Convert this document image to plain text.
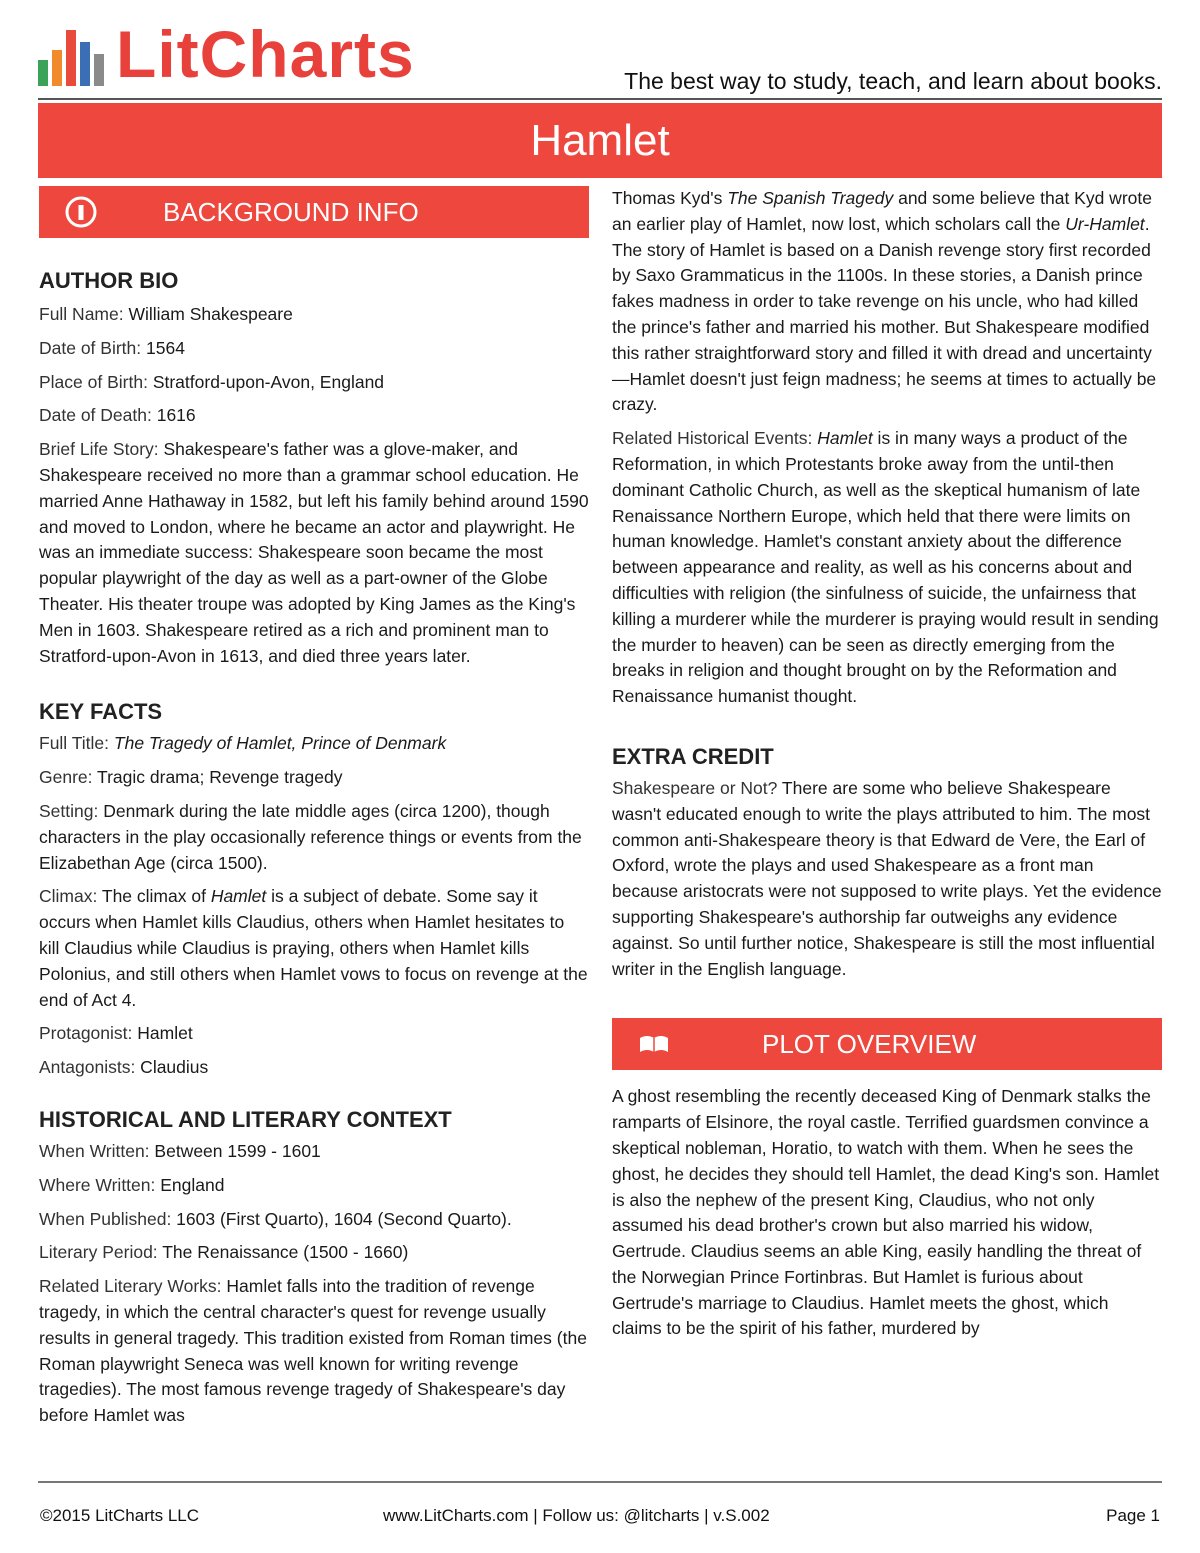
LitCharts	The best way to study, teach, and learn about books.
Hamlet
BACKGROUND INFO
AUTHOR BIO

Full Name: William Shakespeare

Date of Birth: 1564

Place of Birth: Stratford-upon-Avon, England

Date of Death: 1616

Brief Life Story: Shakespeare's father was a glove-maker, and Shakespeare received no more than a grammar school education. He married Anne Hathaway in 1582, but left his family behind around 1590 and moved to London, where he became an actor and playwright. He was an immediate success: Shakespeare soon became the most popular playwright of the day as well as a part-owner of the Globe Theater. His theater troupe was adopted by King James as the King's Men in 1603. Shakespeare retired as a rich and prominent man to Stratford-upon-Avon in 1613, and died three years later.

KEY FACTS

Full Title: The Tragedy of Hamlet, Prince of Denmark

Genre: Tragic drama; Revenge tragedy

Setting: Denmark during the late middle ages (circa 1200), though characters in the play occasionally reference things or events from the Elizabethan Age (circa 1500).

Climax: The climax of Hamlet is a subject of debate. Some say it occurs when Hamlet kills Claudius, others when Hamlet hesitates to kill Claudius while Claudius is praying, others when Hamlet kills Polonius, and still others when Hamlet vows to focus on revenge at the end of Act 4.

Protagonist: Hamlet

Antagonists: Claudius

HISTORICAL AND LITERARY CONTEXT

When Written: Between 1599 - 1601

Where Written: England

When Published: 1603 (First Quarto), 1604 (Second Quarto).

Literary Period: The Renaissance (1500 - 1660)

Related Literary Works: Hamlet falls into the tradition of revenge tragedy, in which the central character's quest for revenge usually results in general tragedy. This tradition existed from Roman times (the Roman playwright Seneca was well known for writing revenge tragedies). The most famous revenge tragedy of Shakespeare's day before Hamlet was

Thomas Kyd's The Spanish Tragedy and some believe that Kyd wrote an earlier play of Hamlet, now lost, which scholars call the Ur-Hamlet. The story of Hamlet is based on a Danish revenge story first recorded by Saxo Grammaticus in the 1100s. In these stories, a Danish prince fakes madness in order to take revenge on his uncle, who had killed the prince's father and married his mother. But Shakespeare modified this rather straightforward story and filled it with dread and uncertainty—Hamlet doesn't just feign madness; he seems at times to actually be crazy.

Related Historical Events: Hamlet is in many ways a product of the Reformation, in which Protestants broke away from the until-then dominant Catholic Church, as well as the skeptical humanism of late Renaissance Northern Europe, which held that there were limits on human knowledge. Hamlet's constant anxiety about the difference between appearance and reality, as well as his concerns about and difficulties with religion (the sinfulness of suicide, the unfairness that killing a murderer while the murderer is praying would result in sending the murder to heaven) can be seen as directly emerging from the breaks in religion and thought brought on by the Reformation and Renaissance humanist thought.

EXTRA CREDIT

Shakespeare or Not? There are some who believe Shakespeare wasn't educated enough to write the plays attributed to him. The most common anti-Shakespeare theory is that Edward de Vere, the Earl of Oxford, wrote the plays and used Shakespeare as a front man because aristocrats were not supposed to write plays. Yet the evidence supporting Shakespeare's authorship far outweighs any evidence against. So until further notice, Shakespeare is still the most influential writer in the English language.

PLOT OVERVIEW

A ghost resembling the recently deceased King of Denmark stalks the ramparts of Elsinore, the royal castle. Terrified guardsmen convince a skeptical nobleman, Horatio, to watch with them. When he sees the ghost, he decides they should tell Hamlet, the dead King's son. Hamlet is also the nephew of the present King, Claudius, who not only assumed his dead brother's crown but also married his widow, Gertrude. Claudius seems an able King, easily handling the threat of the Norwegian Prince Fortinbras. But Hamlet is furious about Gertrude's marriage to Claudius. Hamlet meets the ghost, which claims to be the spirit of his father, murdered by

©2015 LitCharts LLC	www.LitCharts.com | Follow us: @litcharts | v.S.002	Page 1
